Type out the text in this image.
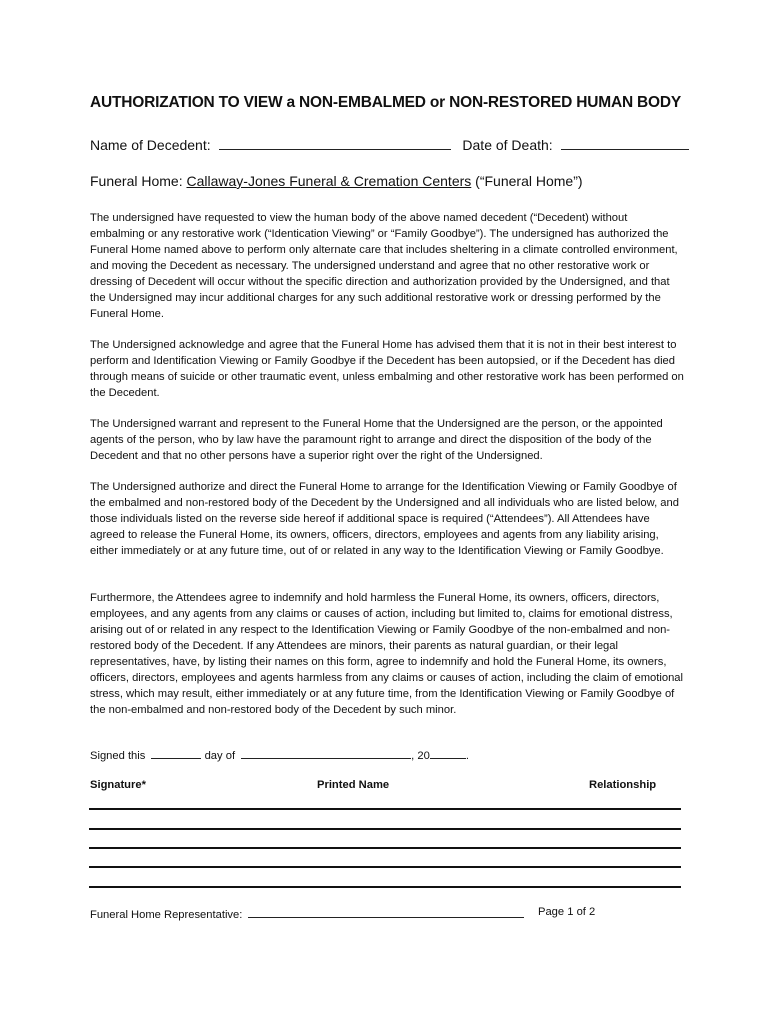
AUTHORIZATION TO VIEW a NON-EMBALMED or NON-RESTORED HUMAN BODY
Name of Decedent:	Date of Death:
Funeral Home: Callaway-Jones Funeral & Cremation Centers (“Funeral Home”)

The undersigned have requested to view the human body of the above named decedent (“Decedent) without embalming or any restorative work (“Identication Viewing” or “Family Goodbye”). The undersigned has authorized the Funeral Home named above to perform only alternate care that includes sheltering in a climate controlled environment, and moving the Decedent as necessary. The undersigned understand and agree that no other restorative work or dressing of Decedent will occur without the specific direction and authorization provided by the Undersigned, and that the Undersigned may incur additional charges for any such additional restorative work or dressing performed by the Funeral Home.

The Undersigned acknowledge and agree that the Funeral Home has advised them that it is not in their best interest to perform and Identification Viewing or Family Goodbye if the Decedent has been autopsied, or if the Decedent has died through means of suicide or other traumatic event, unless embalming and other restorative work has been performed on the Decedent.

The Undersigned warrant and represent to the Funeral Home that the Undersigned are the person, or the appointed agents of the person, who by law have the paramount right to arrange and direct the disposition of the body of the Decedent and that no other persons have a superior right over the right of the Undersigned.

The Undersigned authorize and direct the Funeral Home to arrange for the Identification Viewing or Family Goodbye of the embalmed and non-restored body of the Decedent by the Undersigned and all individuals who are listed below, and those individuals listed on the reverse side hereof if additional space is required (“Attendees”). All Attendees have agreed to release the Funeral Home, its owners, officers, directors, employees and agents from any liability arising, either immediately or at any future time, out of or related in any way to the Identification Viewing or Family Goodbye.

Furthermore, the Attendees agree to indemnify and hold harmless the Funeral Home, its owners, officers, directors, employees, and any agents from any claims or causes of action, including but limited to, claims for emotional distress, arising out of or related in any respect to the Identification Viewing or Family Goodbye of the non-embalmed and non-restored body of the Decedent. If any Attendees are minors, their parents as natural guardian, or their legal representatives, have, by listing their names on this form, agree to indemnify and hold the Funeral Home, its owners, officers, directors, employees and agents harmless from any claims or causes of action, including the claim of emotional stress, which may result, either immediately or at any future time, from the Identification Viewing or Family Goodbye of the non-embalmed and non-restored body of the Decedent by such minor.

Signed this	day of	, 20	.
Signature*	Printed Name	Relationship
Funeral Home Representative:	Page 1 of 2
